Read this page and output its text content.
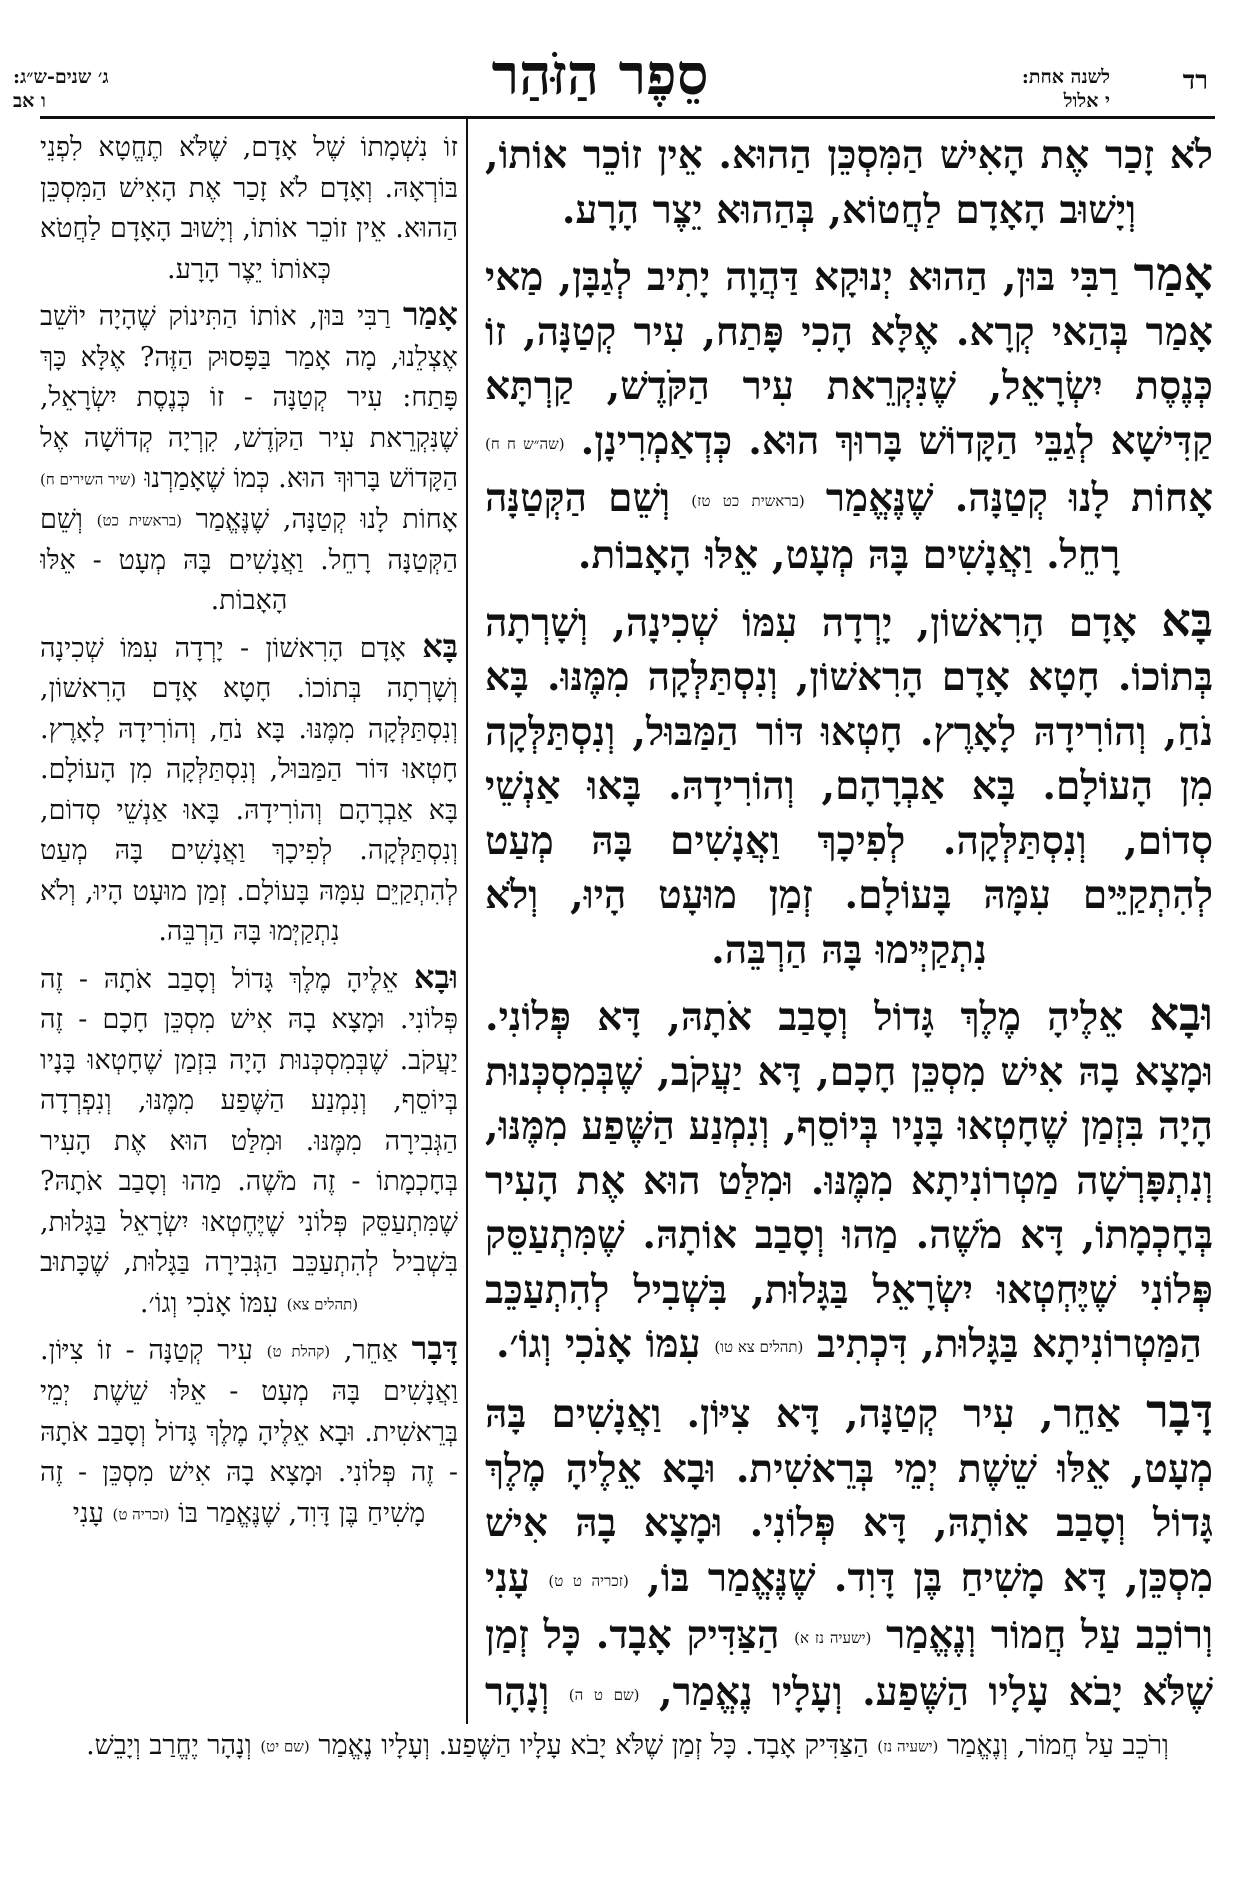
רד
לשנה אחת:
י אלול
סֵפֶר הַזֹּהַר
ג׳ שנים-ש״ג:
ו אב

לֹא זָכַר אֶת הָאִישׁ הַמִּסְכֵּן הַהוּא. אֵין זוֹכֵר אוֹתוֹ, וְיָשׁוּב הָאָדָם לַחֲטוֹא, בְּהַהוּא יֵצֶר הָרָע.

אָמַר רַבִּי בּוּן, הַהוּא יְנוּקָא דַּהֲוָה יָתִיב לְגַבָּן, מַאי אָמַר בְּהַאי קְרָא. אֶלָּא הָכִי פָּתַח, עִיר קְטַנָּה, זוֹ כְּנֶסֶת יִשְׂרָאֵל, שֶׁנִּקְרֵאת עִיר הַקֹּדֶשׁ, קַרְתָּא קַדִּישָׁא לְגַבֵּי הַקָּדוֹשׁ בָּרוּךְ הוּא. כְּדְאַמְרִינָן. (שה״ש ח ח) אָחוֹת לָנוּ קְטַנָּה. שֶׁנֶּאֱמַר (בראשית כט טז) וְשֵׁם הַקְּטַנָּה רָחֵל. וַאֲנָשִׁים בָּהּ מְעָט, אֵלּוּ הָאָבוֹת.

בָּא אָדָם הָרִאשׁוֹן, יָרְדָה עִמּוֹ שְׁכִינָה, וְשָׁרְתָה בְּתוֹכוֹ. חָטָא אָדָם הָרִאשׁוֹן, וְנִסְתַּלְּקָה מִמֶּנּוּ. בָּא נֹחַ, וְהוֹרִידָהּ לָאָרֶץ. חָטְאוּ דּוֹר הַמַּבּוּל, וְנִסְתַּלְּקָה מִן הָעוֹלָם. בָּא אַבְרָהָם, וְהוֹרִידָהּ. בָּאוּ אַנְשֵׁי סְדוֹם, וְנִסְתַּלְּקָה. לְפִיכָךְ וַאֲנָשִׁים בָּהּ מְעַט לְהִתְקַיֵּים עִמָּהּ בָּעוֹלָם. זְמַן מוּעָט הָיוּ, וְלֹא נִתְקַיְּימוּ בָּהּ הַרְבֵּה.

וּבָא אֵלֶיהָ מֶלֶךְ גָּדוֹל וְסָבַב אֹתָהּ, דָּא פְּלוֹנִי. וּמָצָא בָהּ אִישׁ מִסְכֵּן חָכָם, דָּא יַעֲקֹב, שֶׁבְּמִסְכְּנוּת הָיָה בִּזְמַן שֶׁחָטְאוּ בָּנָיו בְּיוֹסֵף, וְנִמְנַע הַשֶּׁפַע מִמֶּנּוּ, וְנִתְפָּרְשָׁה מַטְרוֹנִיתָא מִמֶּנּוּ. וּמִלַּט הוּא אֶת הָעִיר בְּחָכְמָתוֹ, דָּא מֹשֶׁה. מַהוּ וְסָבַב אוֹתָהּ. שֶׁמִּתְעַסֵּק פְּלוֹנִי שֶׁיֶּחְטְאוּ יִשְׂרָאֵל בַּגָּלוּת, בִּשְׁבִיל לְהִתְעַכֵּב הַמַּטְרוֹנִיתָא בַּגָּלוּת, דִּכְתִיב (תהלים צא טו) עִמּוֹ אָנֹכִי וְגוֹ׳.

דָּבָר אַחֵר, עִיר קְטַנָּה, דָּא צִיּוֹן. וַאֲנָשִׁים בָּהּ מְעָט, אֵלּוּ שֵׁשֶׁת יְמֵי בְּרֵאשִׁית. וּבָא אֵלֶיהָ מֶלֶךְ גָּדוֹל וְסָבַב אוֹתָהּ, דָּא פְּלוֹנִי. וּמָצָא בָהּ אִישׁ מִסְכֵּן, דָּא מָשִׁיחַ בֶּן דָּוִד. שֶׁנֶּאֱמַר בּוֹ, (זכריה ט ט) עָנִי וְרוֹכֵב עַל חֲמוֹר וְנֶאֱמַר (ישעיה נז א) הַצַּדִּיק אָבָד. כָּל זְמַן שֶׁלֹּא יָבֹא עָלָיו הַשֶּׁפַע. וְעָלָיו נֶאֱמַר, (שם ט ה) וְנָהָר

זוֹ נִשְׁמָתוֹ שֶׁל אָדָם, שֶׁלֹּא תֶחֱטָא לִפְנֵי בּוֹרְאָהּ. וְאָדָם לֹא זָכַר אֶת הָאִישׁ הַמִּסְכֵּן הַהוּא. אֵין זוֹכֵר אוֹתוֹ, וְיָשׁוּב הָאָדָם לַחֲטֹא כְּאוֹתוֹ יֵצֶר הָרָע.

אָמַר רַבִּי בּוּן, אוֹתוֹ הַתִּינוֹק שֶׁהָיָה יוֹשֵׁב אֶצְלֵנוּ, מָה אָמַר בַּפָּסוּק הַזֶּה? אֶלָּא כָּךְ פָּתַח: עִיר קְטַנָּה - זוֹ כְּנֶסֶת יִשְׂרָאֵל, שֶׁנִּקְרֵאת עִיר הַקֹּדֶשׁ, קִרְיָה קְדוֹשָׁה אֶל הַקָּדוֹשׁ בָּרוּךְ הוּא. כְּמוֹ שֶׁאָמַרְנוּ (שיר השירים ח) אָחוֹת לָנוּ קְטַנָּה, שֶׁנֶּאֱמַר (בראשית כט) וְשֵׁם הַקְּטַנָּה רָחֵל. וַאֲנָשִׁים בָּהּ מְעָט - אֵלּוּ הָאָבוֹת.

בָּא אָדָם הָרִאשׁוֹן - יָרְדָה עִמּוֹ שְׁכִינָה וְשָׁרְתָה בְּתוֹכוֹ. חָטָא אָדָם הָרִאשׁוֹן, וְנִסְתַּלְּקָה מִמֶּנּוּ. בָּא נֹחַ, וְהוֹרִידָהּ לָאָרֶץ. חָטְאוּ דּוֹר הַמַּבּוּל, וְנִסְתַּלְּקָה מִן הָעוֹלָם. בָּא אַבְרָהָם וְהוֹרִידָהּ. בָּאוּ אַנְשֵׁי סְדוֹם, וְנִסְתַּלְּקָה. לְפִיכָךְ וַאֲנָשִׁים בָּהּ מְעַט לְהִתְקַיֵּם עִמָּהּ בָּעוֹלָם. זְמַן מוּעָט הָיוּ, וְלֹא נִתְקַיְּמוּ בָּהּ הַרְבֵּה.

וּבָא אֵלֶיהָ מֶלֶךְ גָּדוֹל וְסָבַב אֹתָהּ - זֶה פְּלוֹנִי. וּמָצָא בָהּ אִישׁ מִסְכֵּן חָכָם - זֶה יַעֲקֹב. שֶׁבְּמִסְכְּנוּת הָיָה בִּזְמַן שֶׁחָטְאוּ בָּנָיו בְּיוֹסֵף, וְנִמְנַע הַשֶּׁפַע מִמֶּנּוּ, וְנִפְרְדָה הַגְּבִירָה מִמֶּנּוּ. וּמִלַּט הוּא אֶת הָעִיר בְּחָכְמָתוֹ - זֶה מֹשֶׁה. מַהוּ וְסָבַב אֹתָהּ? שֶׁמִּתְעַסֵּק פְּלוֹנִי שֶׁיֶּחֶטְאוּ יִשְׂרָאֵל בַּגָּלוּת, בִּשְׁבִיל לְהִתְעַכֵּב הַגְּבִירָה בַּגָּלוּת, שֶׁכָּתוּב (תהלים צא) עִמּוֹ אָנֹכִי וְגוֹ׳.

דָּבָר אַחֵר, (קהלת ט) עִיר קְטַנָּה - זוֹ צִיּוֹן. וַאֲנָשִׁים בָּהּ מְעָט - אֵלּוּ שֵׁשֶׁת יְמֵי בְּרֵאשִׁית. וּבָא אֵלֶיהָ מֶלֶךְ גָּדוֹל וְסָבַב אֹתָהּ - זֶה פְּלוֹנִי. וּמָצָא בָהּ אִישׁ מִסְכֵּן - זֶה מָשִׁיחַ בֶּן דָּוִד, שֶׁנֶּאֱמַר בּוֹ (זכריה ט) עָנִי

וְרֹכֵב עַל חֲמוֹר, וְנֶאֱמַר (ישעיה נז) הַצַּדִּיק אָבָד. כָּל זְמַן שֶׁלֹּא יָבֹא עָלָיו הַשֶּׁפַע. וְעָלָיו נֶאֱמַר (שם יט) וְנָהָר יֶחֱרַב וְיָבֵשׁ.
